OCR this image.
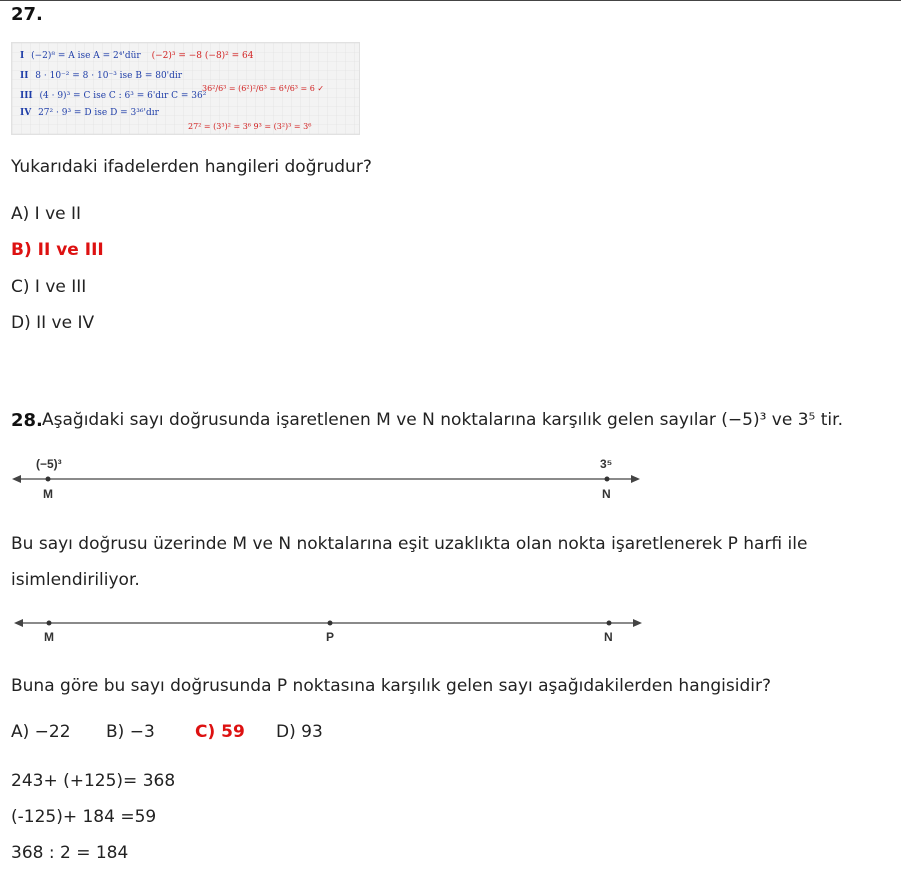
27.
I (−2)⁸ = A ise A = 2⁴'dür (−2)³ = −8 (−8)² = 64
II 8 · 10⁻² = 8 · 10⁻³ ise B = 80'dir
III (4 · 9)³ = C ise C : 6³ = 6'dır C = 36²
36²/6³ = (6²)²/6³ = 6⁴/6³ = 6 ✓
IV 27² · 9³ = D ise D = 3³⁶'dır
27² = (3³)² = 3⁶ 9³ = (3²)³ = 3⁶
Yukarıdaki ifadelerden hangileri doğrudur?
A) I ve II
B) II ve III
C) I ve III
D) II ve IV
28. Aşağıdaki sayı doğrusunda işaretlenen M ve N noktalarına karşılık gelen sayılar (−5)³ ve 3⁵ tir.
(−5)³	3⁵
M	N
M	P	N
Bu sayı doğrusu üzerinde M ve N noktalarına eşit uzaklıkta olan nokta işaretlenerek P harfi ile
isimlendiriliyor.
Buna göre bu sayı doğrusunda P noktasına karşılık gelen sayı aşağıdakilerden hangisidir?
A) −22 B) −3 C) 59 D) 93
243+ (+125)= 368
(-125)+ 184 =59
368 : 2 = 184
